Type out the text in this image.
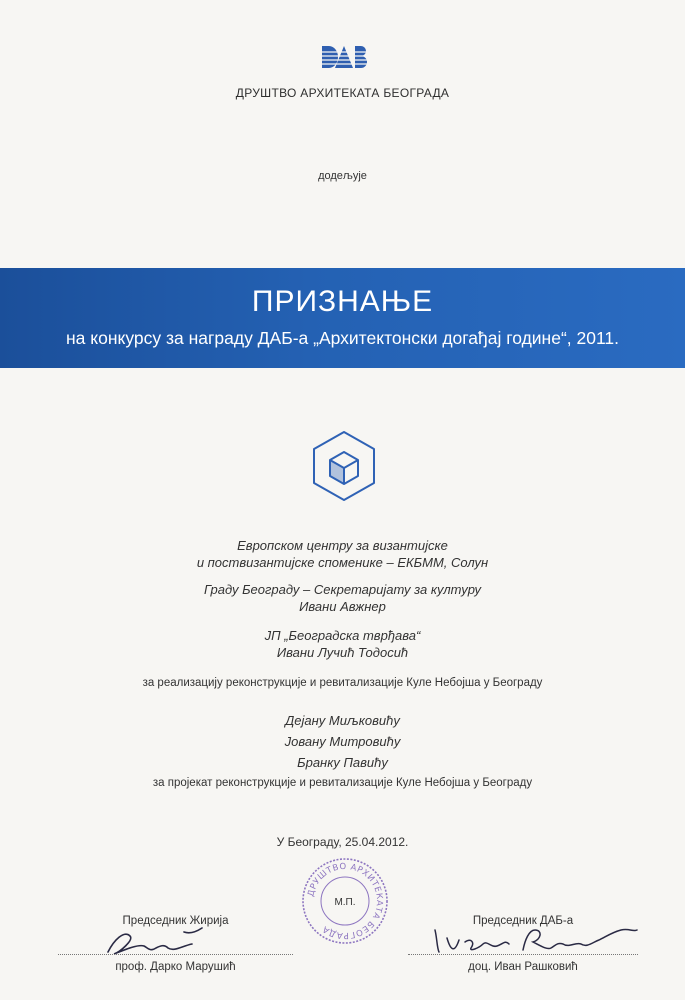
ДРУШТВО АРХИТЕКАТА БЕОГРАДА
додељује
ПРИЗНАЊЕ
на конкурсу за награду ДАБ-а „Архитектонски догађај године“, 2011.
Европском центру за византијске
и поствизантијске споменике – ЕКБММ, Солун
Граду Београду – Секретаријату за културу
Ивани Авжнер
ЈП „Београдска тврђава“
Ивани Лучић Тодосић
за реализацију реконструкције и ревитализације Куле Небојша у Београду
Дејану Миљковићу
Јовану Митровићу
Бранку Павићу
за пројекат реконструкције и ревитализације Куле Небојша у Београду
У Београду, 25.04.2012.
ДРУШТВО АРХИТЕКАТА БЕОГРАДА
М.П.
Председник Жирија
проф. Дарко Марушић
Председник ДАБ-а
доц. Иван Рашковић
